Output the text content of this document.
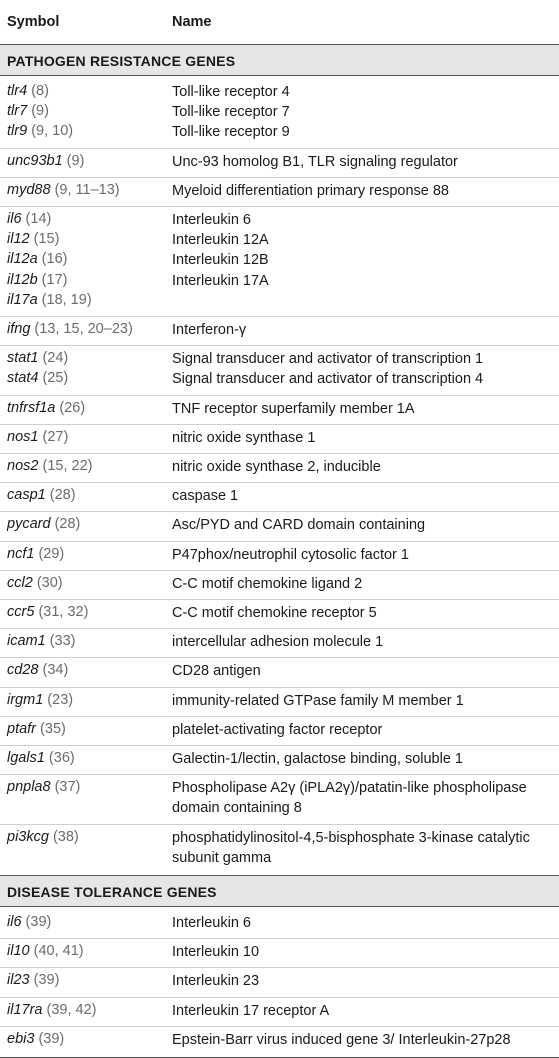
Symbol	Name
PATHOGEN RESISTANCE GENES
tlr4 (8)	Toll-like receptor 4
tlr7 (9)	Toll-like receptor 7
tlr9 (9, 10)	Toll-like receptor 9
unc93b1 (9)	Unc-93 homolog B1, TLR signaling regulator
myd88 (9, 11–13)	Myeloid differentiation primary response 88
il6 (14)	Interleukin 6
il12 (15)	Interleukin 12A
il12a (16)	Interleukin 12B
il12b (17)	Interleukin 17A
il17a (18, 19)
ifng (13, 15, 20–23)	Interferon-γ
stat1 (24)	Signal transducer and activator of transcription 1
stat4 (25)	Signal transducer and activator of transcription 4
tnfrsf1a (26)	TNF receptor superfamily member 1A
nos1 (27)	nitric oxide synthase 1
nos2 (15, 22)	nitric oxide synthase 2, inducible
casp1 (28)	caspase 1
pycard (28)	Asc/PYD and CARD domain containing
ncf1 (29)	P47phox/neutrophil cytosolic factor 1
ccl2 (30)	C-C motif chemokine ligand 2
ccr5 (31, 32)	C-C motif chemokine receptor 5
icam1 (33)	intercellular adhesion molecule 1
cd28 (34)	CD28 antigen
irgm1 (23)	immunity-related GTPase family M member 1
ptafr (35)	platelet-activating factor receptor
lgals1 (36)	Galectin-1/lectin, galactose binding, soluble 1
pnpla8 (37)	Phospholipase A2γ (iPLA2γ)/patatin-like phospholipase domain containing 8
pi3kcg (38)	phosphatidylinositol-4,5-bisphosphate 3-kinase catalytic subunit gamma
DISEASE TOLERANCE GENES
il6 (39)	Interleukin 6
il10 (40, 41)	Interleukin 10
il23 (39)	Interleukin 23
il17ra (39, 42)	Interleukin 17 receptor A
ebi3 (39)	Epstein-Barr virus induced gene 3/ Interleukin-27p28
